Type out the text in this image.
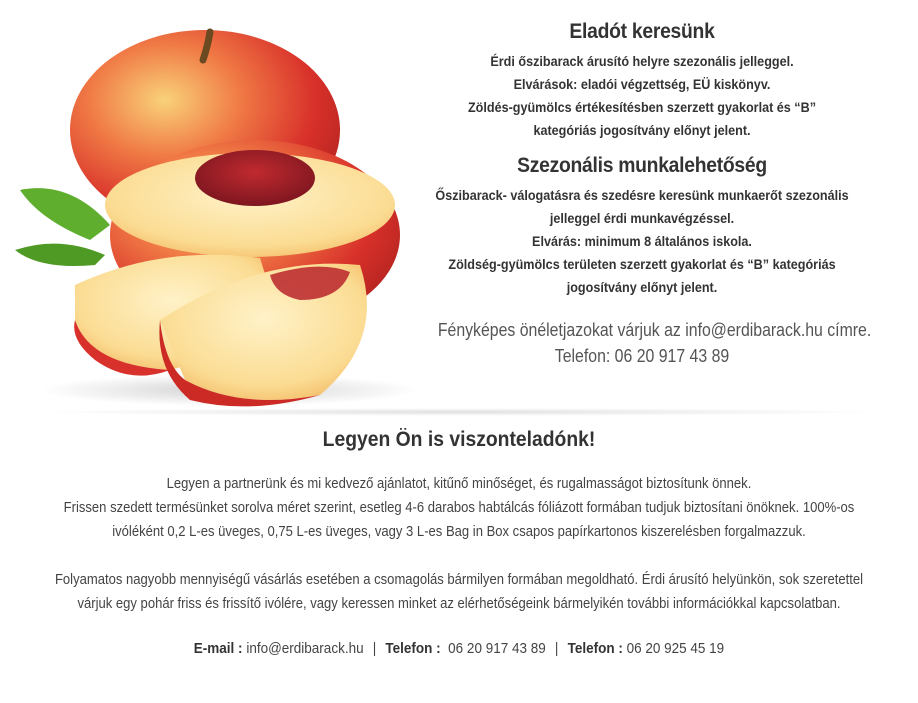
Eladót keresünk

Érdi őszibarack árusító helyre szezonális jelleggel.

Elvárások: eladói végzettség, EÜ kiskönyv.

Zöldés-gyümölcs értékesítésben szerzett gyakorlat és “B”

kategóriás jogosítvány előnyt jelent.

Szezonális munkalehetőség

Őszibarack- válogatásra és szedésre keresünk munkaerőt szezonális

jelleggel érdi munkavégzéssel.

Elvárás: minimum 8 általános iskola.

Zöldség-gyümölcs területen szerzett gyakorlat és “B” kategóriás

jogosítvány előnyt jelent.

Fényképes önéletjazokat várjuk az info@erdibarack.hu címre.

Telefon: 06 20 917 43 89

Legyen Ön is viszonteladónk!

Legyen a partnerünk és mi kedvező ajánlatot, kitűnő minőséget, és rugalmasságot biztosítunk önnek.

Frissen szedett termésünket sorolva méret szerint, esetleg 4-6 darabos habtálcás fóliázott formában tudjuk biztosítani önöknek. 100%-os

ivóléként 0,2 L-es üveges, 0,75 L-es üveges, vagy 3 L-es Bag in Box csapos papírkartonos kiszerelésben forgalmazzuk.

Folyamatos nagyobb mennyiségű vásárlás esetében a csomagolás bármilyen formában megoldható. Érdi árusító helyünkön, sok szeretettel

várjuk egy pohár friss és frissítő ivólére, vagy keressen minket az elérhetőségeink bármelyikén további információkkal kapcsolatban.

E-mail : info@erdibarack.hu | Telefon :  06 20 917 43 89 | Telefon : 06 20 925 45 19
